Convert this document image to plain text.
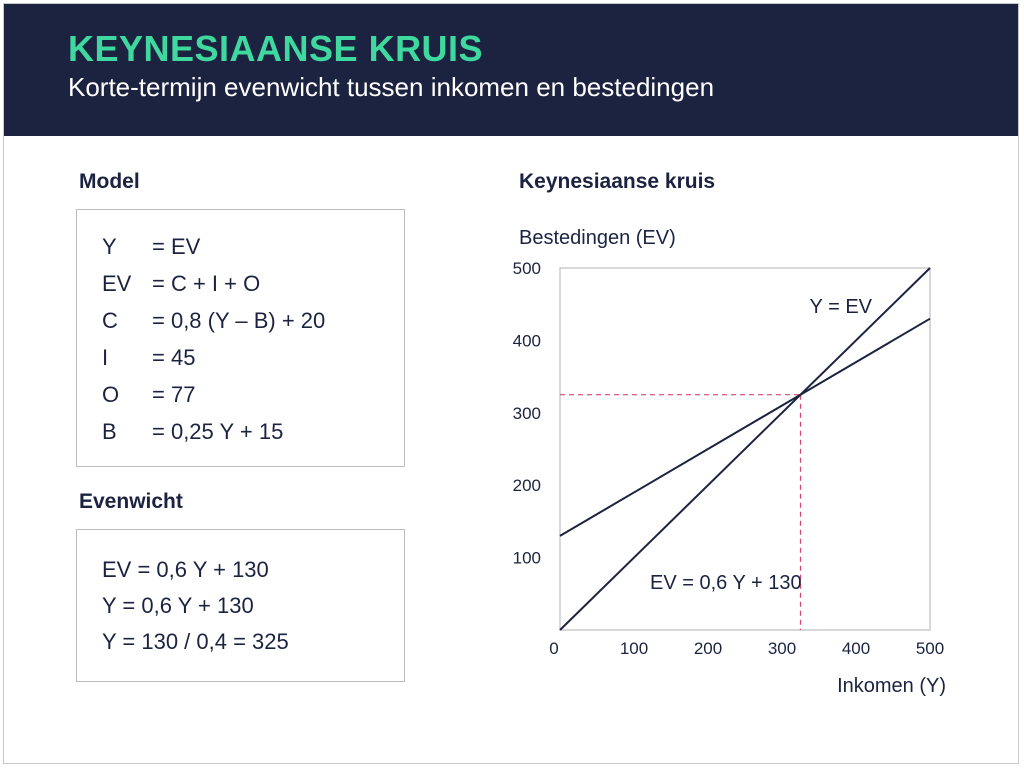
KEYNESIAANSE KRUIS
Korte-termijn evenwicht tussen inkomen en bestedingen
Model
Y = EV
EV = C + I + O
C = 0,8 (Y – B) + 20
I = 45
O = 77
B = 0,25 Y + 15
Evenwicht
EV = 0,6 Y + 130
Y = 0,6 Y + 130
Y = 130 / 0,4 = 325
Keynesiaanse kruis
0	100	200	300	400	500
100
200
300
400
500
Bestedingen (EV)
Inkomen (Y)
Y = EV
EV = 0,6 Y + 130
